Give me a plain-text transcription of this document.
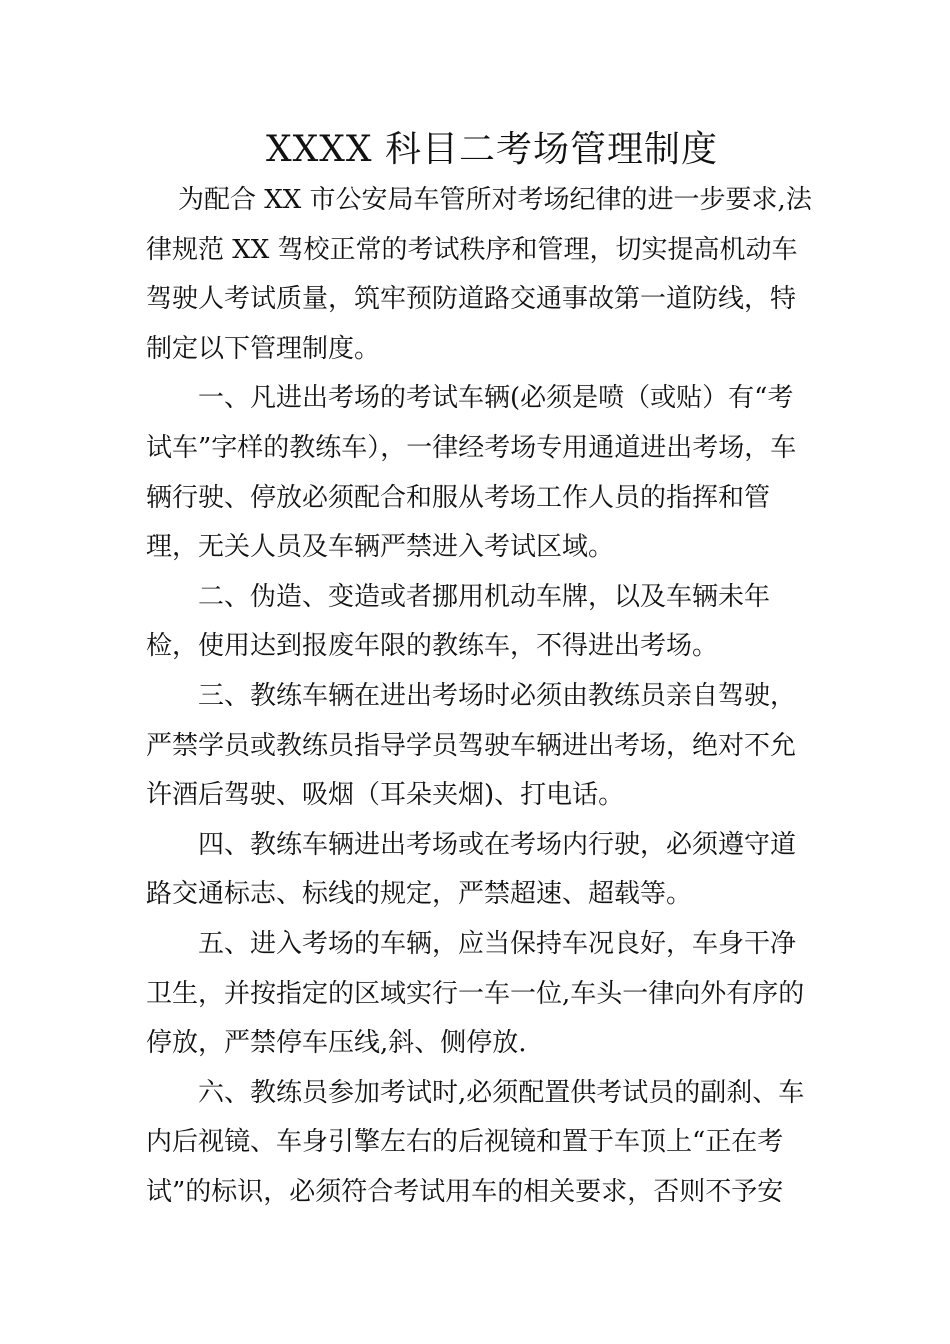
XXXX 科目二考场管理制度

为配合 XX 市公安局车管所对考场纪律的进一步要求,法律规范 XX 驾校正常的考试秩序和管理，切实提高机动车驾驶人考试质量，筑牢预防道路交通事故第一道防线，特制定以下管理制度。

一、凡进出考场的考试车辆(必须是喷（或贴）有“考试车”字样的教练车），一律经考场专用通道进出考场，车辆行驶、停放必须配合和服从考场工作人员的指挥和管理，无关人员及车辆严禁进入考试区域。

二、伪造、变造或者挪用机动车牌，以及车辆未年检，使用达到报废年限的教练车，不得进出考场。

三、教练车辆在进出考场时必须由教练员亲自驾驶，严禁学员或教练员指导学员驾驶车辆进出考场，绝对不允许酒后驾驶、吸烟（耳朵夹烟)、打电话。

四、教练车辆进出考场或在考场内行驶，必须遵守道路交通标志、标线的规定，严禁超速、超载等。

五、进入考场的车辆，应当保持车况良好，车身干净卫生，并按指定的区域实行一车一位,车头一律向外有序的停放，严禁停车压线,斜、侧停放.

六、教练员参加考试时,必须配置供考试员的副刹、车内后视镜、车身引擎左右的后视镜和置于车顶上“正在考试”的标识，必须符合考试用车的相关要求，否则不予安
